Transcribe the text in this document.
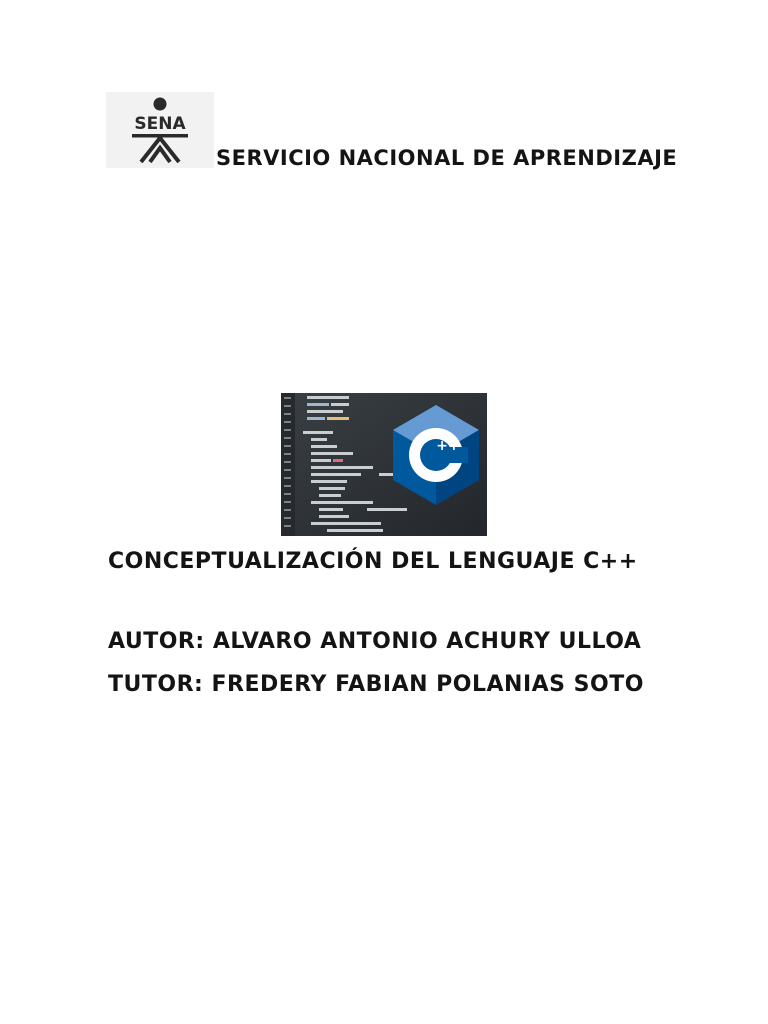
SENA
SERVICIO NACIONAL DE APRENDIZAJE
++
CONCEPTUALIZACIÓN DEL LENGUAJE C++
AUTOR: ALVARO ANTONIO ACHURY ULLOA
TUTOR: FREDERY FABIAN POLANIAS SOTO
